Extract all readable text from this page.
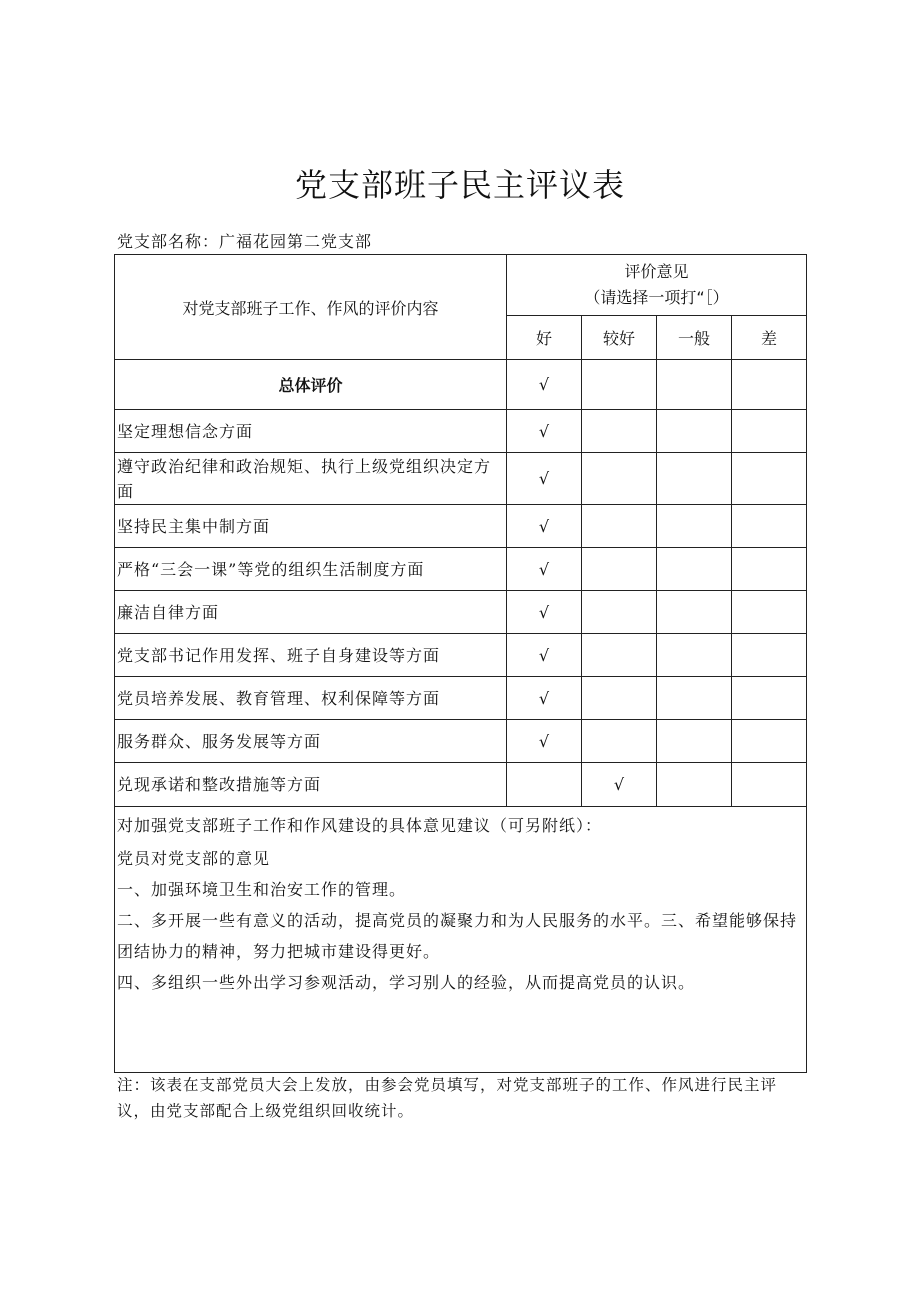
党支部班子民主评议表
党支部名称：广福花园第二党支部
对党支部班子工作、作风的评价内容	评价意见
（请选择一项打“［）			

	好	较好	一般	差
总体评价	√			
坚定理想信念方面	√			
遵守政治纪律和政治规矩、执行上级党组织决定方面	√			
坚持民主集中制方面	√			
严格“三会一课”等党的组织生活制度方面	√			
廉洁自律方面	√			
党支部书记作用发挥、班子自身建设等方面	√			
党员培养发展、教育管理、权利保障等方面	√			
服务群众、服务发展等方面	√			
兑现承诺和整改措施等方面		√		

对加强党支部班子工作和作风建设的具体意见建议（可另附纸）：

党员对党支部的意见

一、加强环境卫生和治安工作的管理。

二、多开展一些有意义的活动，提高党员的凝聚力和为人民服务的水平。三、希望能够保持团结协力的精神，努力把城市建设得更好。

四、多组织一些外出学习参观活动，学习别人的经验，从而提高党员的认识。				

注：该表在支部党员大会上发放，由参会党员填写，对党支部班子的工作、作风进行民主评议，由党支部配合上级党组织回收统计。
